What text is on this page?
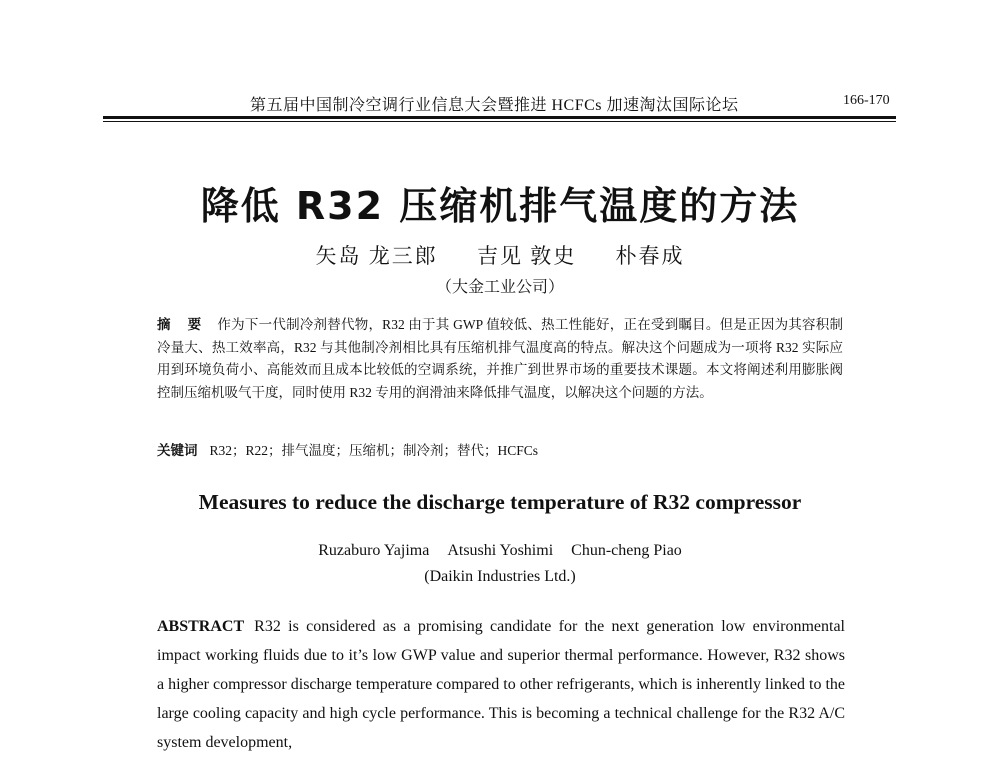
第五届中国制冷空调行业信息大会暨推进 HCFCs 加速淘汰国际论坛	166-170
降低 R32 压缩机排气温度的方法
矢岛 龙三郎 吉见 敦史 朴春成
（大金工业公司）
摘 要 作为下一代制冷剂替代物，R32 由于其 GWP 值较低、热工性能好，正在受到瞩目。但是正因为其容积制冷量大、热工效率高，R32 与其他制冷剂相比具有压缩机排气温度高的特点。解决这个问题成为一项将 R32 实际应用到环境负荷小、高能效而且成本比较低的空调系统，并推广到世界市场的重要技术课题。本文将阐述利用膨胀阀控制压缩机吸气干度，同时使用 R32 专用的润滑油来降低排气温度，以解决这个问题的方法。
关键词 R32；R22；排气温度；压缩机；制冷剂；替代；HCFCs
Measures to reduce the discharge temperature of R32 compressor
Ruzaburo Yajima Atsushi Yoshimi Chun-cheng Piao
(Daikin Industries Ltd.)
ABSTRACT R32 is considered as a promising candidate for the next generation low environmental impact working fluids due to it’s low GWP value and superior thermal performance. However, R32 shows a higher compressor discharge temperature compared to other refrigerants, which is inherently linked to the large cooling capacity and high cycle performance. This is becoming a technical challenge for the R32 A/C system development,
